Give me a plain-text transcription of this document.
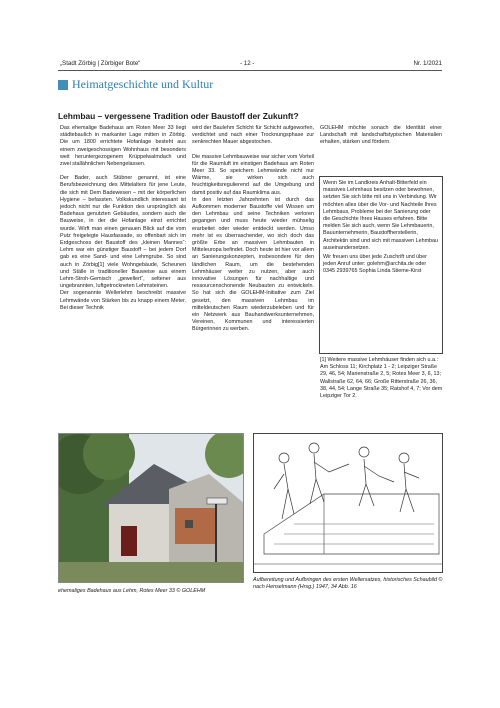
„Stadt Zörbig | Zörbiger Bote“	- 12 -	Nr. 1/2021
Heimatgeschichte und Kultur
Lehmbau – vergessene Tradition oder Baustoff der Zukunft?

Das ehemalige Badehaus am Roten Meer 33 liegt städtebaulich in markanter Lage mitten in Zörbig. Die um 1800 errichtete Hofanlage besteht aus einem zweigeschossigen Wohnhaus mit besonders weit heruntergezogenem Krüppelwalmdach und zwei stallähnlichen Nebengelassen.

Der Bader, auch Stübner genannt, ist eine Berufsbezeichnung des Mittelalters für jene Leute, die sich mit Dem Badewesen – mit der körperlichen Hygiene – befassten. Volkskundlich interessant ist jedoch nicht nur die Funktion des ursprünglich als Badehaus genutzten Gebäudes, sondern auch die Bauweise, in der die Hofanlage einst errichtet wurde. Wirft man einen genauen Blick auf die vom Putz freigelegte Hausfassade, so offenbart sich im Erdgeschoss der Baustoff des „kleinen Mannes“: Lehm war ein günstiger Baustoff – bei jedem Dorf gab es eine Sand- und eine Lehmgrube. So sind auch in Zörbig[1] viele Wohngebäude, Scheunen und Ställe in traditioneller Bauweise aus einem Lehm-Stroh-Gemisch „gewellert“, seltener aus ungebrannten, luftgetrockneten Lehmsteinen.

Der sogenannte Wellerlehm beschreibt massive Lehmwände von Stärken bis zu knapp einem Meter. Bei dieser Technik

wird der Baulehm Schicht für Schicht aufgeworfen, verdichtet und nach einer Trocknungsphase zur senkrechten Mauer abgestochen.

Die massive Lehmbauweise war sicher vom Vorteil für die Raumluft im einstigen Badehaus am Roten Meer 33. So speichern Lehmwände nicht nur Wärme, sie wirken sich auch feuchtigkeitsregulierend auf die Umgebung und damit positiv auf das Raumklima aus.

In den letzten Jahrzehnten ist durch das Aufkommen moderner Baustoffe viel Wissen um den Lehmbau und seine Techniken verloren gegangen und muss heute wieder mühselig erarbeitet oder wieder entdeckt werden. Umso mehr ist es überraschender, wo sich doch das größte Erbe an massiven Lehmbauten in Mitteleuropa befindet. Doch heute ist hier vor allem an Sanierungskonzepten, insbesondere für den ländlichen Raum, um die bestehenden Lehmhäuser weiter zu nutzen, aber auch innovative Lösungen für nachhaltige und ressourcenschonende Neubauten zu entwickeln. So hat sich die GOLEHM-Initiative zum Ziel gesetzt, den massiven Lehmbau im mitteldeutschen Raum wiederzubeleben und für ein Netzwerk aus Bauhandwerksunternehmen, Vereinen, Kommunen und interessierten Bürgerinnen zu werben.

GOLEHM möchte sonach die Identität einer Landschaft mit landschaftstypischen Materialien erhalten, stärken und fördern.

Wenn Sie im Landkreis Anhalt-Bitterfeld ein massives Lehmhaus besitzen oder bewohnen, setzten Sie sich bitte mit uns in Verbindung. Wir möchten alles über die Vor- und Nachteile Ihres Lehmbaus, Probleme bei der Sanierung oder die Geschichte Ihres Hauses erfahren. Bitte melden Sie sich auch, wenn Sie Lehmbauerin, Bauunternehmerin, Baustoffherstellerin, Architektin sind und sich mit massiven Lehmbau auseinandersetzen.

Wir freuen uns über jede Zuschrift und über jeden Anruf unter: golehm@archita.de oder 0345 2939765 Sophia Linda Stieme-Kirst

[1] Weitere massive Lehmhäuser finden sich u.a.: Am Schloss 11; Kirchplatz 1 - 2; Leipziger Straße 29, 46, 54; Marienstraße 2, 5; Rotes Meer 3, 6, 13; Wallstraße 62, 64, 66; Große Ritterstraße 26, 36, 38, 44, 54; Lange Straße 35; Ratshof 4, 7; Vor dem Leipziger Tor 2.
ehemaliges Badehaus aus Lehm, Rotes Meer 33 © GOLEHM
Aufbereitung und Aufbringen des ersten Wellersatzes, historisches Schaubild © nach Henselmann (Hrsg.) 1947, 34 Abb. 16
